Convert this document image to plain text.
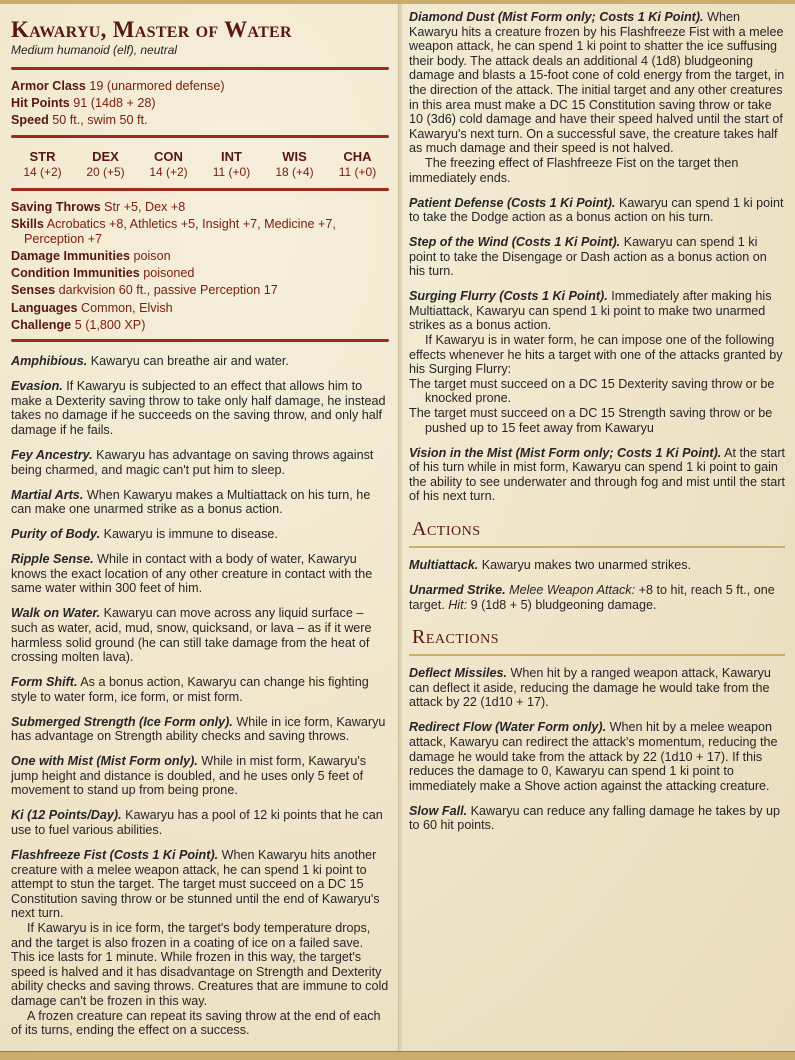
Kawaryu, Master of Water
Medium humanoid (elf), neutral
Armor Class 19 (unarmored defense)
Hit Points 91 (14d8 + 28)
Speed 50 ft., swim 50 ft.
STR
14 (+2)
DEX
20 (+5)
CON
14 (+2)
INT
11 (+0)
WIS
18 (+4)
CHA
11 (+0)
Saving Throws Str +5, Dex +8
Skills Acrobatics +8, Athletics +5, Insight +7, Medicine +7, Perception +7
Damage Immunities poison
Condition Immunities poisoned
Senses darkvision 60 ft., passive Perception 17
Languages Common, Elvish
Challenge 5 (1,800 XP)

Amphibious. Kawaryu can breathe air and water.

Evasion. If Kawaryu is subjected to an effect that allows him to make a Dexterity saving throw to take only half damage, he instead takes no damage if he succeeds on the saving throw, and only half damage if he fails.

Fey Ancestry. Kawaryu has advantage on saving throws against being charmed, and magic can't put him to sleep.

Martial Arts. When Kawaryu makes a Multiattack on his turn, he can make one unarmed strike as a bonus action.

Purity of Body. Kawaryu is immune to disease.

Ripple Sense. While in contact with a body of water, Kawaryu knows the exact location of any other creature in contact with the same water within 300 feet of him.

Walk on Water. Kawaryu can move across any liquid surface – such as water, acid, mud, snow, quicksand, or lava – as if it were harmless solid ground (he can still take damage from the heat of crossing molten lava).

Form Shift. As a bonus action, Kawaryu can change his fighting style to water form, ice form, or mist form.

Submerged Strength (Ice Form only). While in ice form, Kawaryu has advantage on Strength ability checks and saving throws.

One with Mist (Mist Form only). While in mist form, Kawaryu's jump height and distance is doubled, and he uses only 5 feet of movement to stand up from being prone.

Ki (12 Points/Day). Kawaryu has a pool of 12 ki points that he can use to fuel various abilities.

Flashfreeze Fist (Costs 1 Ki Point). When Kawaryu hits another creature with a melee weapon attack, he can spend 1 ki point to attempt to stun the target. The target must succeed on a DC 15 Constitution saving throw or be stunned until the end of Kawaryu's next turn.

If Kawaryu is in ice form, the target's body temperature drops, and the target is also frozen in a coating of ice on a failed save. This ice lasts for 1 minute. While frozen in this way, the target's speed is halved and it has disadvantage on Strength and Dexterity ability checks and saving throws. Creatures that are immune to cold damage can't be frozen in this way.

A frozen creature can repeat its saving throw at the end of each of its turns, ending the effect on a success.

Diamond Dust (Mist Form only; Costs 1 Ki Point). When Kawaryu hits a creature frozen by his Flashfreeze Fist with a melee weapon attack, he can spend 1 ki point to shatter the ice suffusing their body. The attack deals an additional 4 (1d8) bludgeoning damage and blasts a 15-foot cone of cold energy from the target, in the direction of the attack. The initial target and any other creatures in this area must make a DC 15 Constitution saving throw or take 10 (3d6) cold damage and have their speed halved until the start of Kawaryu's next turn. On a successful save, the creature takes half as much damage and their speed is not halved.

The freezing effect of Flashfreeze Fist on the target then immediately ends.

Patient Defense (Costs 1 Ki Point). Kawaryu can spend 1 ki point to take the Dodge action as a bonus action on his turn.

Step of the Wind (Costs 1 Ki Point). Kawaryu can spend 1 ki point to take the Disengage or Dash action as a bonus action on his turn.

Surging Flurry (Costs 1 Ki Point). Immediately after making his Multiattack, Kawaryu can spend 1 ki point to make two unarmed strikes as a bonus action.

If Kawaryu is in water form, he can impose one of the following effects whenever he hits a target with one of the attacks granted by his Surging Flurry:

The target must succeed on a DC 15 Dexterity saving throw or be knocked prone.

The target must succeed on a DC 15 Strength saving throw or be pushed up to 15 feet away from Kawaryu

Vision in the Mist (Mist Form only; Costs 1 Ki Point). At the start of his turn while in mist form, Kawaryu can spend 1 ki point to gain the ability to see underwater and through fog and mist until the start of his next turn.

Actions

Multiattack. Kawaryu makes two unarmed strikes.

Unarmed Strike. Melee Weapon Attack: +8 to hit, reach 5 ft., one target. Hit: 9 (1d8 + 5) bludgeoning damage.

Reactions

Deflect Missiles. When hit by a ranged weapon attack, Kawaryu can deflect it aside, reducing the damage he would take from the attack by 22 (1d10 + 17).

Redirect Flow (Water Form only). When hit by a melee weapon attack, Kawaryu can redirect the attack's momentum, reducing the damage he would take from the attack by 22 (1d10 + 17). If this reduces the damage to 0, Kawaryu can spend 1 ki point to immediately make a Shove action against the attacking creature.

Slow Fall. Kawaryu can reduce any falling damage he takes by up to 60 hit points.
